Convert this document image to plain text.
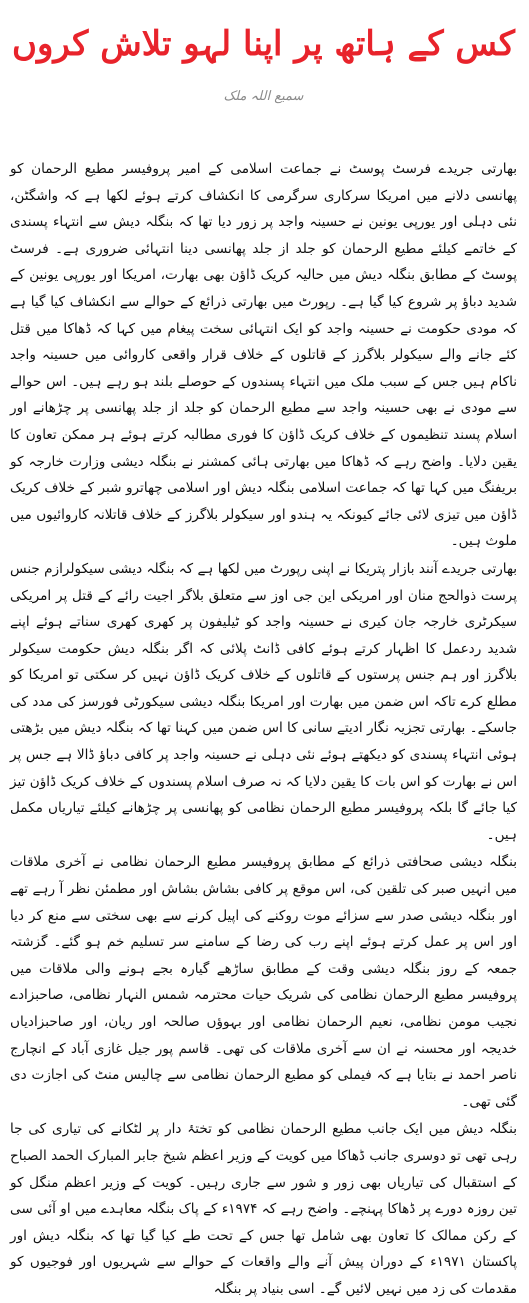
کس کے ہاتھ پر اپنا لہو تلاش کروں
سمیع اللہ ملک

بھارتی جریدے فرسٹ پوسٹ نے جماعت اسلامی کے امیر پروفیسر مطیع الرحمان کو پھانسی دلانے میں امریکا سرکاری سرگرمی کا انکشاف کرتے ہوئے لکھا ہے کہ واشگٹن، نئی دہلی اور یورپی یونین نے حسینہ واجد پر زور دیا تھا کہ بنگلہ دیش سے انتہاء پسندی کے خاتمے کیلئے مطیع الرحمان کو جلد از جلد پھانسی دینا انتہائی ضروری ہے۔ فرسٹ پوسٹ کے مطابق بنگلہ دیش میں حالیہ کریک ڈاؤن بھی بھارت، امریکا اور یورپی یونین کے شدید دباؤ پر شروع کیا گیا ہے۔ رپورٹ میں بھارتی ذرائع کے حوالے سے انکشاف کیا گیا ہے کہ مودی حکومت نے حسینہ واجد کو ایک انتہائی سخت پیغام میں کہا کہ ڈھاکا میں قتل کئے جانے والے سیکولر بلاگرز کے قاتلوں کے خلاف قرار واقعی کاروائی میں حسینہ واجد ناکام ہیں جس کے سبب ملک میں انتہاء پسندوں کے حوصلے بلند ہو رہے ہیں۔ اس حوالے سے مودی نے بھی حسینہ واجد سے مطیع الرحمان کو جلد از جلد پھانسی پر چڑھانے اور اسلام پسند تنظیموں کے خلاف کریک ڈاؤن کا فوری مطالبہ کرتے ہوئے ہر ممکن تعاون کا یقین دلایا۔ واضح رہے کہ ڈھاکا میں بھارتی ہائی کمشنر نے بنگلہ دیشی وزارت خارجہ کو بریفنگ میں کہا تھا کہ جماعت اسلامی بنگلہ دیش اور اسلامی چھاترو شبر کے خلاف کریک ڈاؤن میں تیزی لائی جائے کیونکہ یہ ہندو اور سیکولر بلاگرز کے خلاف قاتلانہ کاروائیوں میں ملوث ہیں۔

بھارتی جریدے آنند بازار پتریکا نے اپنی رپورٹ میں لکھا ہے کہ بنگلہ دیشی سیکولرازم جنس پرست ذوالحج منان اور امریکی این جی اوز سے متعلق بلاگر اجیت رائے کے قتل پر امریکی سیکرٹری خارجہ جان کیری نے حسینہ واجد کو ٹیلیفون پر کھری کھری سناتے ہوئے اپنے شدید ردعمل کا اظہار کرتے ہوئے کافی ڈانٹ پلائی کہ اگر بنگلہ دیش حکومت سیکولر بلاگرز اور ہم جنس پرستوں کے قاتلوں کے خلاف کریک ڈاؤن نہیں کر سکتی تو امریکا کو مطلع کرے تاکہ اس ضمن میں بھارت اور امریکا بنگلہ دیشی سیکورٹی فورسز کی مدد کی جاسکے۔ بھارتی تجزیہ نگار ادیتے سانی کا اس ضمن میں کہنا تھا کہ بنگلہ دیش میں بڑھتی ہوئی انتہاء پسندی کو دیکھتے ہوئے نئی دہلی نے حسینہ واجد پر کافی دباؤ ڈالا ہے جس پر اس نے بھارت کو اس بات کا یقین دلایا کہ نہ صرف اسلام پسندوں کے خلاف کریک ڈاؤن تیز کیا جائے گا بلکہ پروفیسر مطیع الرحمان نظامی کو پھانسی پر چڑھانے کیلئے تیاریاں مکمل ہیں۔

بنگلہ دیشی صحافتی ذرائع کے مطابق پروفیسر مطیع الرحمان نظامی نے آخری ملاقات میں انہیں صبر کی تلقین کی، اس موقع پر کافی بشاش بشاش اور مطمئن نظر آ رہے تھے اور بنگلہ دیشی صدر سے سزائے موت روکنے کی اپیل کرنے سے بھی سختی سے منع کر دیا اور اس پر عمل کرتے ہوئے اپنے رب کی رضا کے سامنے سر تسلیم خم ہو گئے۔ گزشتہ جمعہ کے روز بنگلہ دیشی وقت کے مطابق ساڑھے گیارہ بجے ہونے والی ملاقات میں پروفیسر مطیع الرحمان نظامی کی شریک حیات محترمہ شمس النہار نظامی، صاحبزادے نجیب مومن نظامی، نعیم الرحمان نظامی اور بہوؤں صالحہ اور ریان، اور صاحبزادیاں خدیجہ اور محسنہ نے ان سے آخری ملاقات کی تھی۔ قاسم پور جیل غازی آباد کے انچارج ناصر احمد نے بتایا ہے کہ فیملی کو مطیع الرحمان نظامی سے چالیس منٹ کی اجازت دی گئی تھی۔

بنگلہ دیش میں ایک جانب مطیع الرحمان نظامی کو تختۂ دار پر لٹکانے کی تیاری کی جا رہی تھی تو دوسری جانب ڈھاکا میں کویت کے وزیر اعظم شیخ جابر المبارک الحمد الصباح کے استقبال کی تیاریاں بھی زور و شور سے جاری رہیں۔ کویت کے وزیر اعظم منگل کو تین روزہ دورے پر ڈھاکا پہنچے۔ واضح رہے کہ ۱۹۷۴ء کے پاک بنگلہ معاہدے میں او آئی سی کے رکن ممالک کا تعاون بھی شامل تھا جس کے تحت طے کیا گیا تھا کہ بنگلہ دیش اور پاکستان ۱۹۷۱ء کے دوران پیش آنے والے واقعات کے حوالے سے شہریوں اور فوجیوں کو مقدمات کی زد میں نہیں لائیں گے۔ اسی بنیاد پر بنگلہ
